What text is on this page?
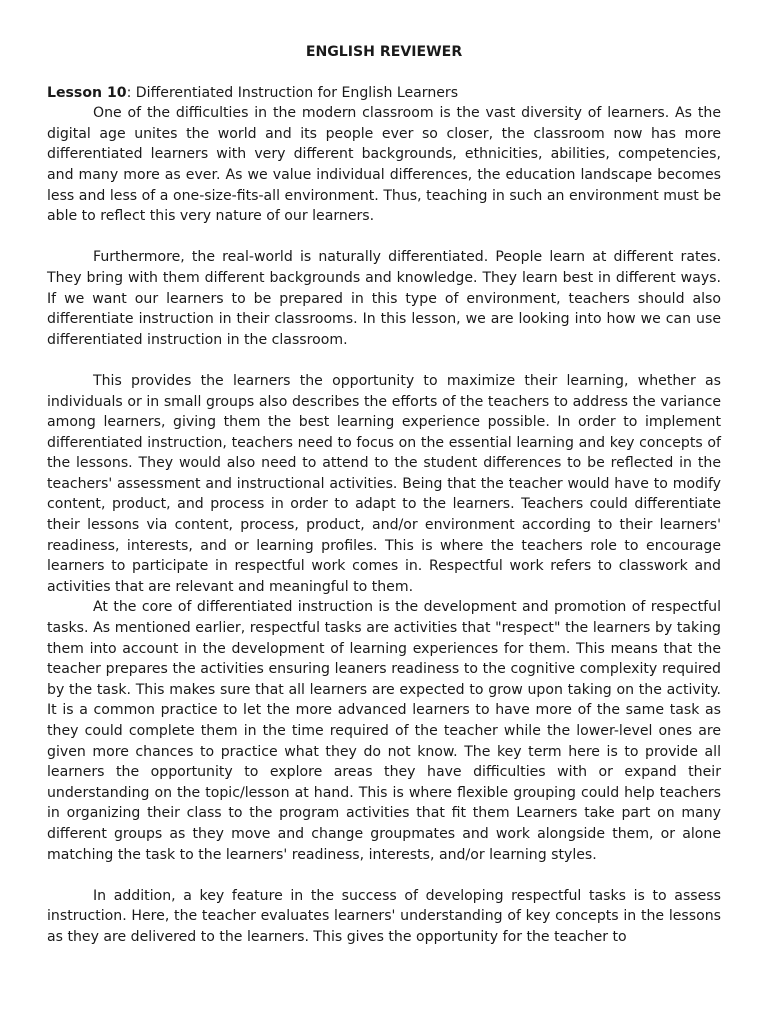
ENGLISH REVIEWER
Lesson 10: Differentiated Instruction for English Learners

One of the difficulties in the modern classroom is the vast diversity of learners. As the digital age unites the world and its people ever so closer, the classroom now has more differentiated learners with very different backgrounds, ethnicities, abilities, competencies, and many more as ever. As we value individual differences, the education landscape becomes less and less of a one-size-fits-all environment. Thus, teaching in such an environment must be able to reflect this very nature of our learners.

Furthermore, the real-world is naturally differentiated. People learn at different rates. They bring with them different backgrounds and knowledge. They learn best in different ways. If we want our learners to be prepared in this type of environment, teachers should also differentiate instruction in their classrooms. In this lesson, we are looking into how we can use differentiated instruction in the classroom.

This provides the learners the opportunity to maximize their learning, whether as individuals or in small groups also describes the efforts of the teachers to address the variance among learners, giving them the best learning experience possible. In order to implement differentiated instruction, teachers need to focus on the essential learning and key concepts of the lessons. They would also need to attend to the student differences to be reflected in the teachers' assessment and instructional activities. Being that the teacher would have to modify content, product, and process in order to adapt to the learners. Teachers could differentiate their lessons via content, process, product, and/or environment according to their learners' readiness, interests, and or learning profiles. This is where the teachers role to encourage learners to participate in respectful work comes in. Respectful work refers to classwork and activities that are relevant and meaningful to them.

At the core of differentiated instruction is the development and promotion of respectful tasks. As mentioned earlier, respectful tasks are activities that "respect" the learners by taking them into account in the development of learning experiences for them. This means that the teacher prepares the activities ensuring leaners readiness to the cognitive complexity required by the task. This makes sure that all learners are expected to grow upon taking on the activity. It is a common practice to let the more advanced learners to have more of the same task as they could complete them in the time required of the teacher while the lower-level ones are given more chances to practice what they do not know. The key term here is to provide all learners the opportunity to explore areas they have difficulties with or expand their understanding on the topic/lesson at hand. This is where flexible grouping could help teachers in organizing their class to the program activities that fit them Learners take part on many different groups as they move and change groupmates and work alongside them, or alone matching the task to the learners' readiness, interests, and/or learning styles.

In addition, a key feature in the success of developing respectful tasks is to assess instruction. Here, the teacher evaluates learners' understanding of key concepts in the lessons as they are delivered to the learners. This gives the opportunity for the teacher to
